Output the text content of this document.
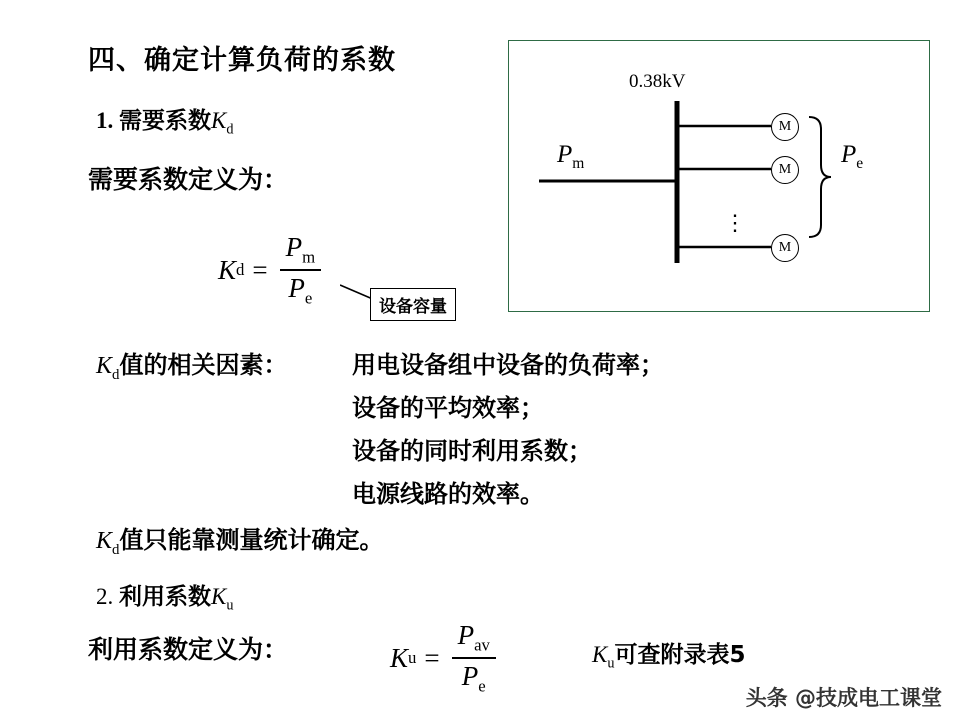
四、确定计算负荷的系数
1. 需要系数$K_d$
需要系数定义为：
K $d = \frac{P_m}{P_e}$	设备容量
$K_d$值的相关因素：	用电设备组中设备的负荷率；
设备的平均效率；
设备的同时利用系数；
电源线路的效率。
$K_d$值只能靠测量统计确定。
2. 利用系数$K_u$
利用系数定义为：	K $u = \frac{P_{av}}{P_e}$	$K_u$可查附录表5
0.38kV
M
M
M
⋮
$P_m$	$P_e$
头条 @技成电工课堂
